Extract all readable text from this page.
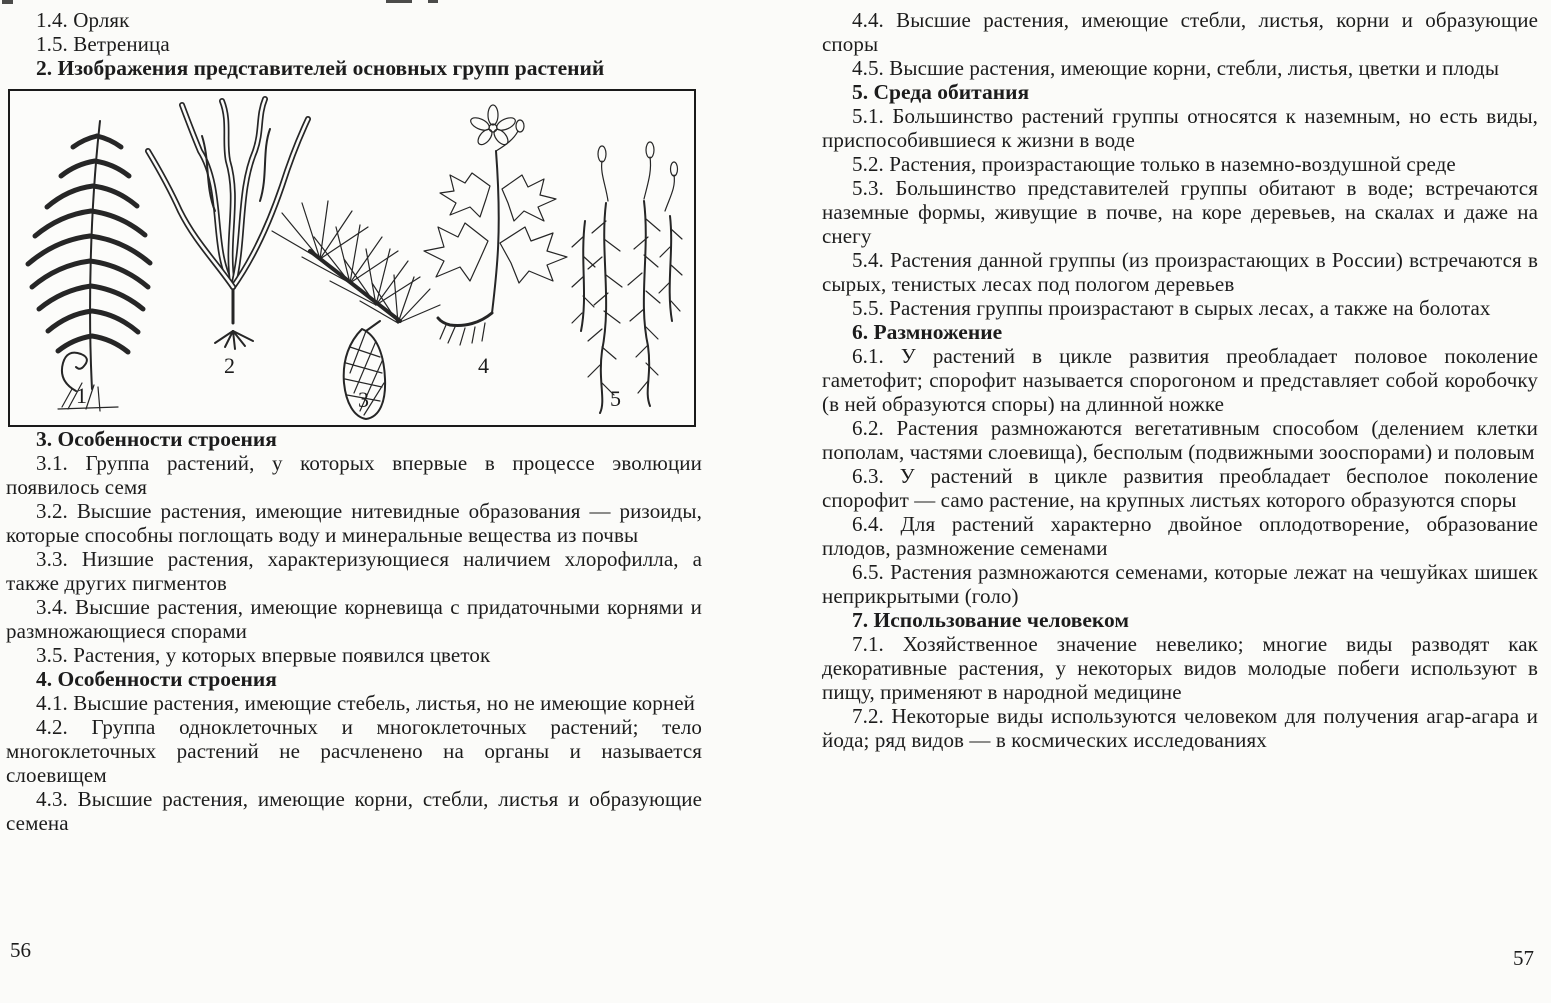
1.4. Орляк

1.5. Ветреница

2. Изображения представителей основных групп растений
1
2
3
4
5
3. Особенности строения

3.1. Группа растений, у которых впервые в процессе эволюции появилось семя

3.2. Высшие растения, имеющие нитевидные образования — ризоиды, которые способны поглощать воду и минеральные вещества из почвы

3.3. Низшие растения, характеризующиеся наличием хлорофилла, а также других пигментов

3.4. Высшие растения, имеющие корневища с придаточными корнями и размножающиеся спорами

3.5. Растения, у которых впервые появился цветок

4. Особенности строения

4.1. Высшие растения, имеющие стебель, листья, но не имеющие корней

4.2. Группа одноклеточных и многоклеточных растений; тело многоклеточных растений не расчленено на органы и называется слоевищем

4.3. Высшие растения, имеющие корни, стебли, листья и образующие семена

4.4. Высшие растения, имеющие стебли, листья, корни и образующие споры

4.5. Высшие растения, имеющие корни, стебли, листья, цветки и плоды

5. Среда обитания

5.1. Большинство растений группы относятся к наземным, но есть виды, приспособившиеся к жизни в воде

5.2. Растения, произрастающие только в наземно-воздушной среде

5.3. Большинство представителей группы обитают в воде; встречаются наземные формы, живущие в почве, на коре деревьев, на скалах и даже на снегу

5.4. Растения данной группы (из произрастающих в России) встречаются в сырых, тенистых лесах под пологом деревьев

5.5. Растения группы произрастают в сырых лесах, а также на болотах

6. Размножение

6.1. У растений в цикле развития преобладает половое поколение гаметофит; спорофит называется спорогоном и представляет собой коробочку (в ней образуются споры) на длинной ножке

6.2. Растения размножаются вегетативным способом (делением клетки пополам, частями слоевища), бесполым (подвижными зооспорами) и половым

6.3. У растений в цикле развития преобладает бесполое поколение спорофит — само растение, на крупных листьях которого образуются споры

6.4. Для растений характерно двойное оплодотворение, образование плодов, размножение семенами

6.5. Растения размножаются семенами, которые лежат на чешуйках шишек неприкрытыми (голо)

7. Использование человеком

7.1. Хозяйственное значение невелико; многие виды разводят как декоративные растения, у некоторых видов молодые побеги используют в пищу, применяют в народной медицине

7.2. Некоторые виды используются человеком для получения агар-агара и йода; ряд видов — в космических исследованиях

56	57
